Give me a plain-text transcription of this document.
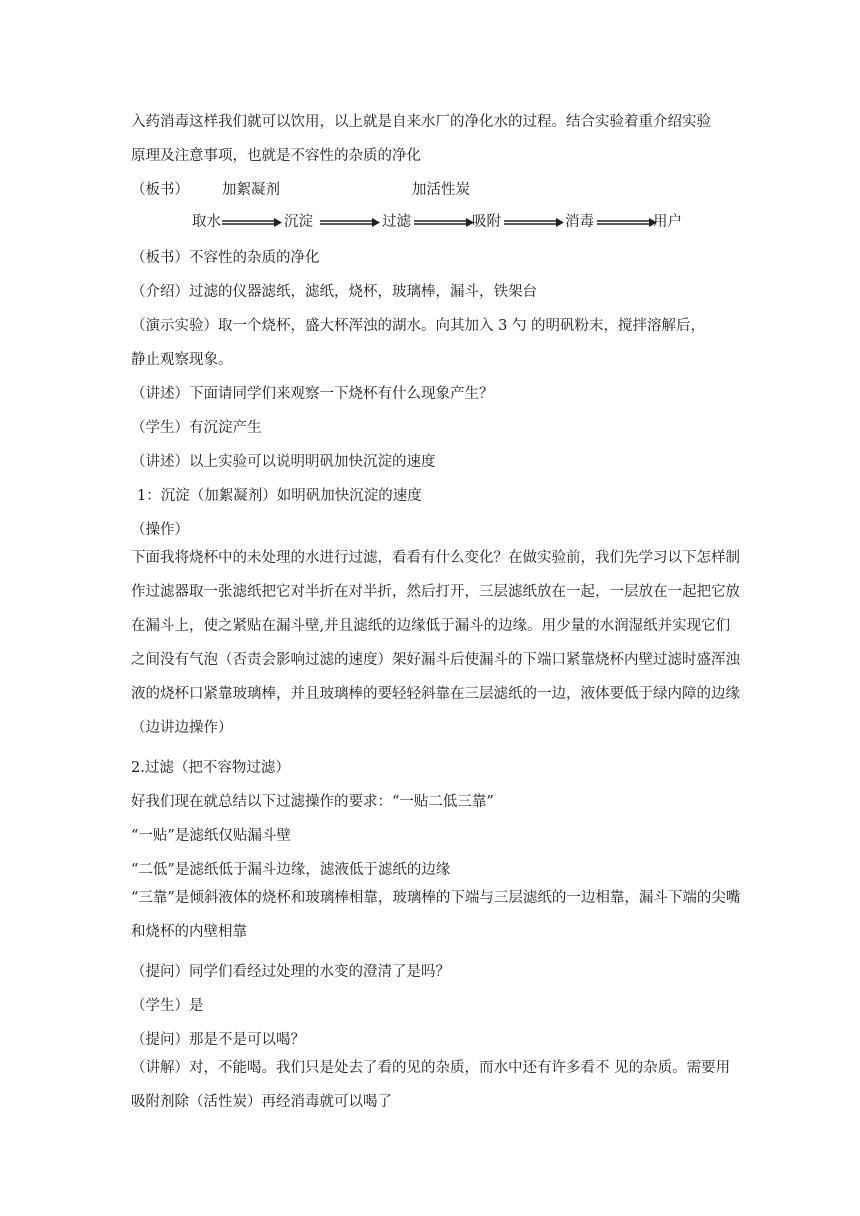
入药消毒这样我们就可以饮用，以上就是自来水厂的净化水的过程。结合实验着重介绍实验
原理及注意事项，也就是不容性的杂质的净化
（板书） 加絮凝剂	加活性炭
取水	沉淀	过滤	吸附	消毒	用户
（板书）不容性的杂质的净化
（介绍）过滤的仪器滤纸，滤纸，烧杯，玻璃棒，漏斗，铁架台
（演示实验）取一个烧杯，盛大杯浑浊的湖水。向其加入 3 勺 的明矾粉末，搅拌溶解后，
静止观察现象。
（讲述）下面请同学们来观察一下烧杯有什么现象产生？
（学生）有沉淀产生
（讲述）以上实验可以说明明矾加快沉淀的速度
1：沉淀（加絮凝剂）如明矾加快沉淀的速度
（操作）
下面我将烧杯中的未处理的水进行过滤，看看有什么变化？在做实验前，我们先学习以下怎样制作过滤器取一张滤纸把它对半折在对半折，然后打开，三层滤纸放在一起，一层放在一起把它放在漏斗上，使之紧贴在漏斗壁,并且滤纸的边缘低于漏斗的边缘。用少量的水润湿纸并实现它们之间没有气泡（否责会影响过滤的速度）架好漏斗后使漏斗的下端口紧靠烧杯内壁过滤时盛浑浊液的烧杯口紧靠玻璃棒，并且玻璃棒的要轻轻斜靠在三层滤纸的一边，液体要低于绿内障的边缘（边讲边操作）
2.过滤（把不容物过滤）
好我们现在就总结以下过滤操作的要求：“一贴二低三靠”
“一贴”是滤纸仅贴漏斗壁
“二低”是滤纸低于漏斗边缘，滤液低于滤纸的边缘
“三靠”是倾斜液体的烧杯和玻璃棒相靠，玻璃棒的下端与三层滤纸的一边相靠，漏斗下端的尖嘴和烧杯的内壁相靠
（提问）同学们看经过处理的水变的澄清了是吗？
（学生）是
（提问）那是不是可以喝？
（讲解）对，不能喝。我们只是处去了看的见的杂质，而水中还有许多看不 见的杂质。需要用吸附剂除（活性炭）再经消毒就可以喝了
